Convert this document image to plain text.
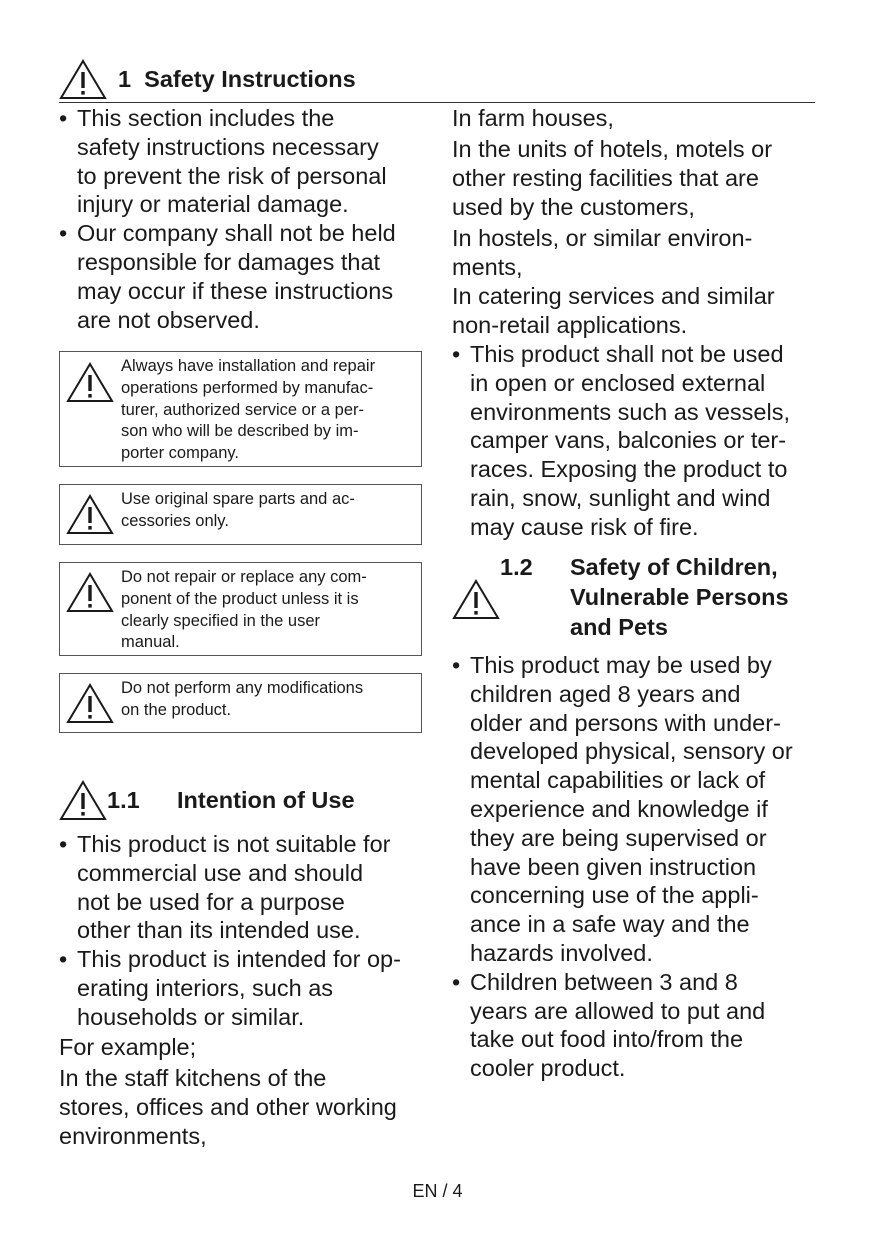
1 Safety Instructions
• This section includes the
safety instructions necessary
to prevent the risk of personal
injury or material damage.
• Our company shall not be held
responsible for damages that
may occur if these instructions
are not observed.
Always have installation and repair
operations performed by manufac-
turer, authorized service or a per-
son who will be described by im-
porter company.
Use original spare parts and ac-
cessories only.
Do not repair or replace any com-
ponent of the product unless it is
clearly specified in the user
manual.
Do not perform any modifications
on the product.
1.1 Intention of Use
• This product is not suitable for
commercial use and should
not be used for a purpose
other than its intended use.
• This product is intended for op-
erating interiors, such as
households or similar.
For example;
In the staff kitchens of the
stores, offices and other working
environments,
In farm houses,
In the units of hotels, motels or
other resting facilities that are
used by the customers,
In hostels, or similar environ-
ments,
In catering services and similar
non-retail applications.
• This product shall not be used
in open or enclosed external
environments such as vessels,
camper vans, balconies or ter-
races. Exposing the product to
rain, snow, sunlight and wind
may cause risk of fire.
1.2 Safety of Children,
Vulnerable Persons
and Pets
• This product may be used by
children aged 8 years and
older and persons with under-
developed physical, sensory or
mental capabilities or lack of
experience and knowledge if
they are being supervised or
have been given instruction
concerning use of the appli-
ance in a safe way and the
hazards involved.
• Children between 3 and 8
years are allowed to put and
take out food into/from the
cooler product.
EN / 4
